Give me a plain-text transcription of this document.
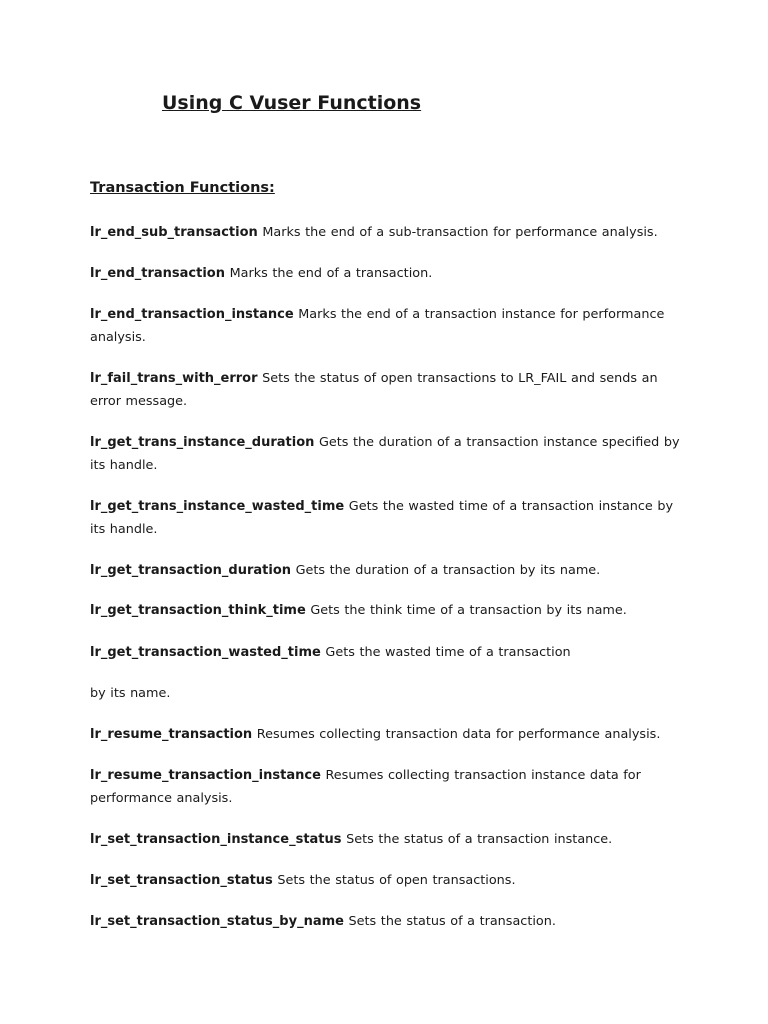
Using C Vuser Functions
Transaction Functions:

lr_end_sub_transaction Marks the end of a sub-transaction for performance analysis.

lr_end_transaction Marks the end of a transaction.

lr_end_transaction_instance Marks the end of a transaction instance for performance analysis.

lr_fail_trans_with_error Sets the status of open transactions to LR_FAIL and sends an error message.

lr_get_trans_instance_duration Gets the duration of a transaction instance specified by its handle.

lr_get_trans_instance_wasted_time Gets the wasted time of a transaction instance by its handle.

lr_get_transaction_duration Gets the duration of a transaction by its name.

lr_get_transaction_think_time Gets the think time of a transaction by its name.

lr_get_transaction_wasted_time Gets the wasted time of a transaction

by its name.

lr_resume_transaction Resumes collecting transaction data for performance analysis.

lr_resume_transaction_instance Resumes collecting transaction instance data for performance analysis.

lr_set_transaction_instance_status Sets the status of a transaction instance.

lr_set_transaction_status Sets the status of open transactions.

lr_set_transaction_status_by_name Sets the status of a transaction.
